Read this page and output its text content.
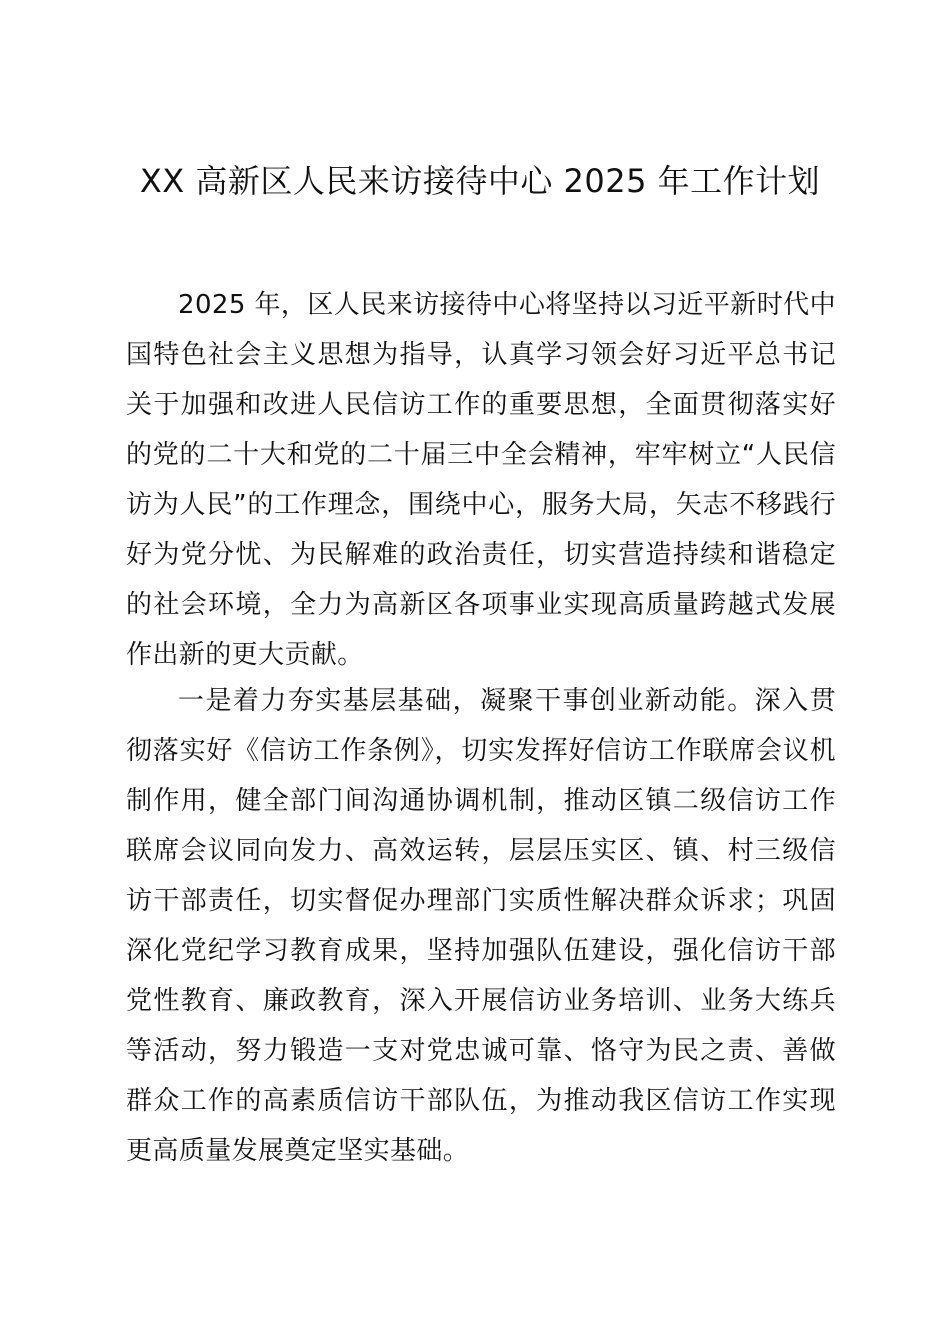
XX 高新区人民来访接待中心 2025 年工作计划

2025 年，区人民来访接待中心将坚持以习近平新时代中国特色社会主义思想为指导，认真学习领会好习近平总书记关于加强和改进人民信访工作的重要思想，全面贯彻落实好的党的二十大和党的二十届三中全会精神，牢牢树立“人民信访为人民”的工作理念，围绕中心，服务大局，矢志不移践行好为党分忧、为民解难的政治责任，切实营造持续和谐稳定的社会环境，全力为高新区各项事业实现高质量跨越式发展作出新的更大贡献。

一是着力夯实基层基础，凝聚干事创业新动能。深入贯彻落实好《信访工作条例》，切实发挥好信访工作联席会议机制作用，健全部门间沟通协调机制，推动区镇二级信访工作联席会议同向发力、高效运转，层层压实区、镇、村三级信访干部责任，切实督促办理部门实质性解决群众诉求；巩固深化党纪学习教育成果，坚持加强队伍建设，强化信访干部党性教育、廉政教育，深入开展信访业务培训、业务大练兵等活动，努力锻造一支对党忠诚可靠、恪守为民之责、善做群众工作的高素质信访干部队伍，为推动我区信访工作实现更高质量发展奠定坚实基础。
